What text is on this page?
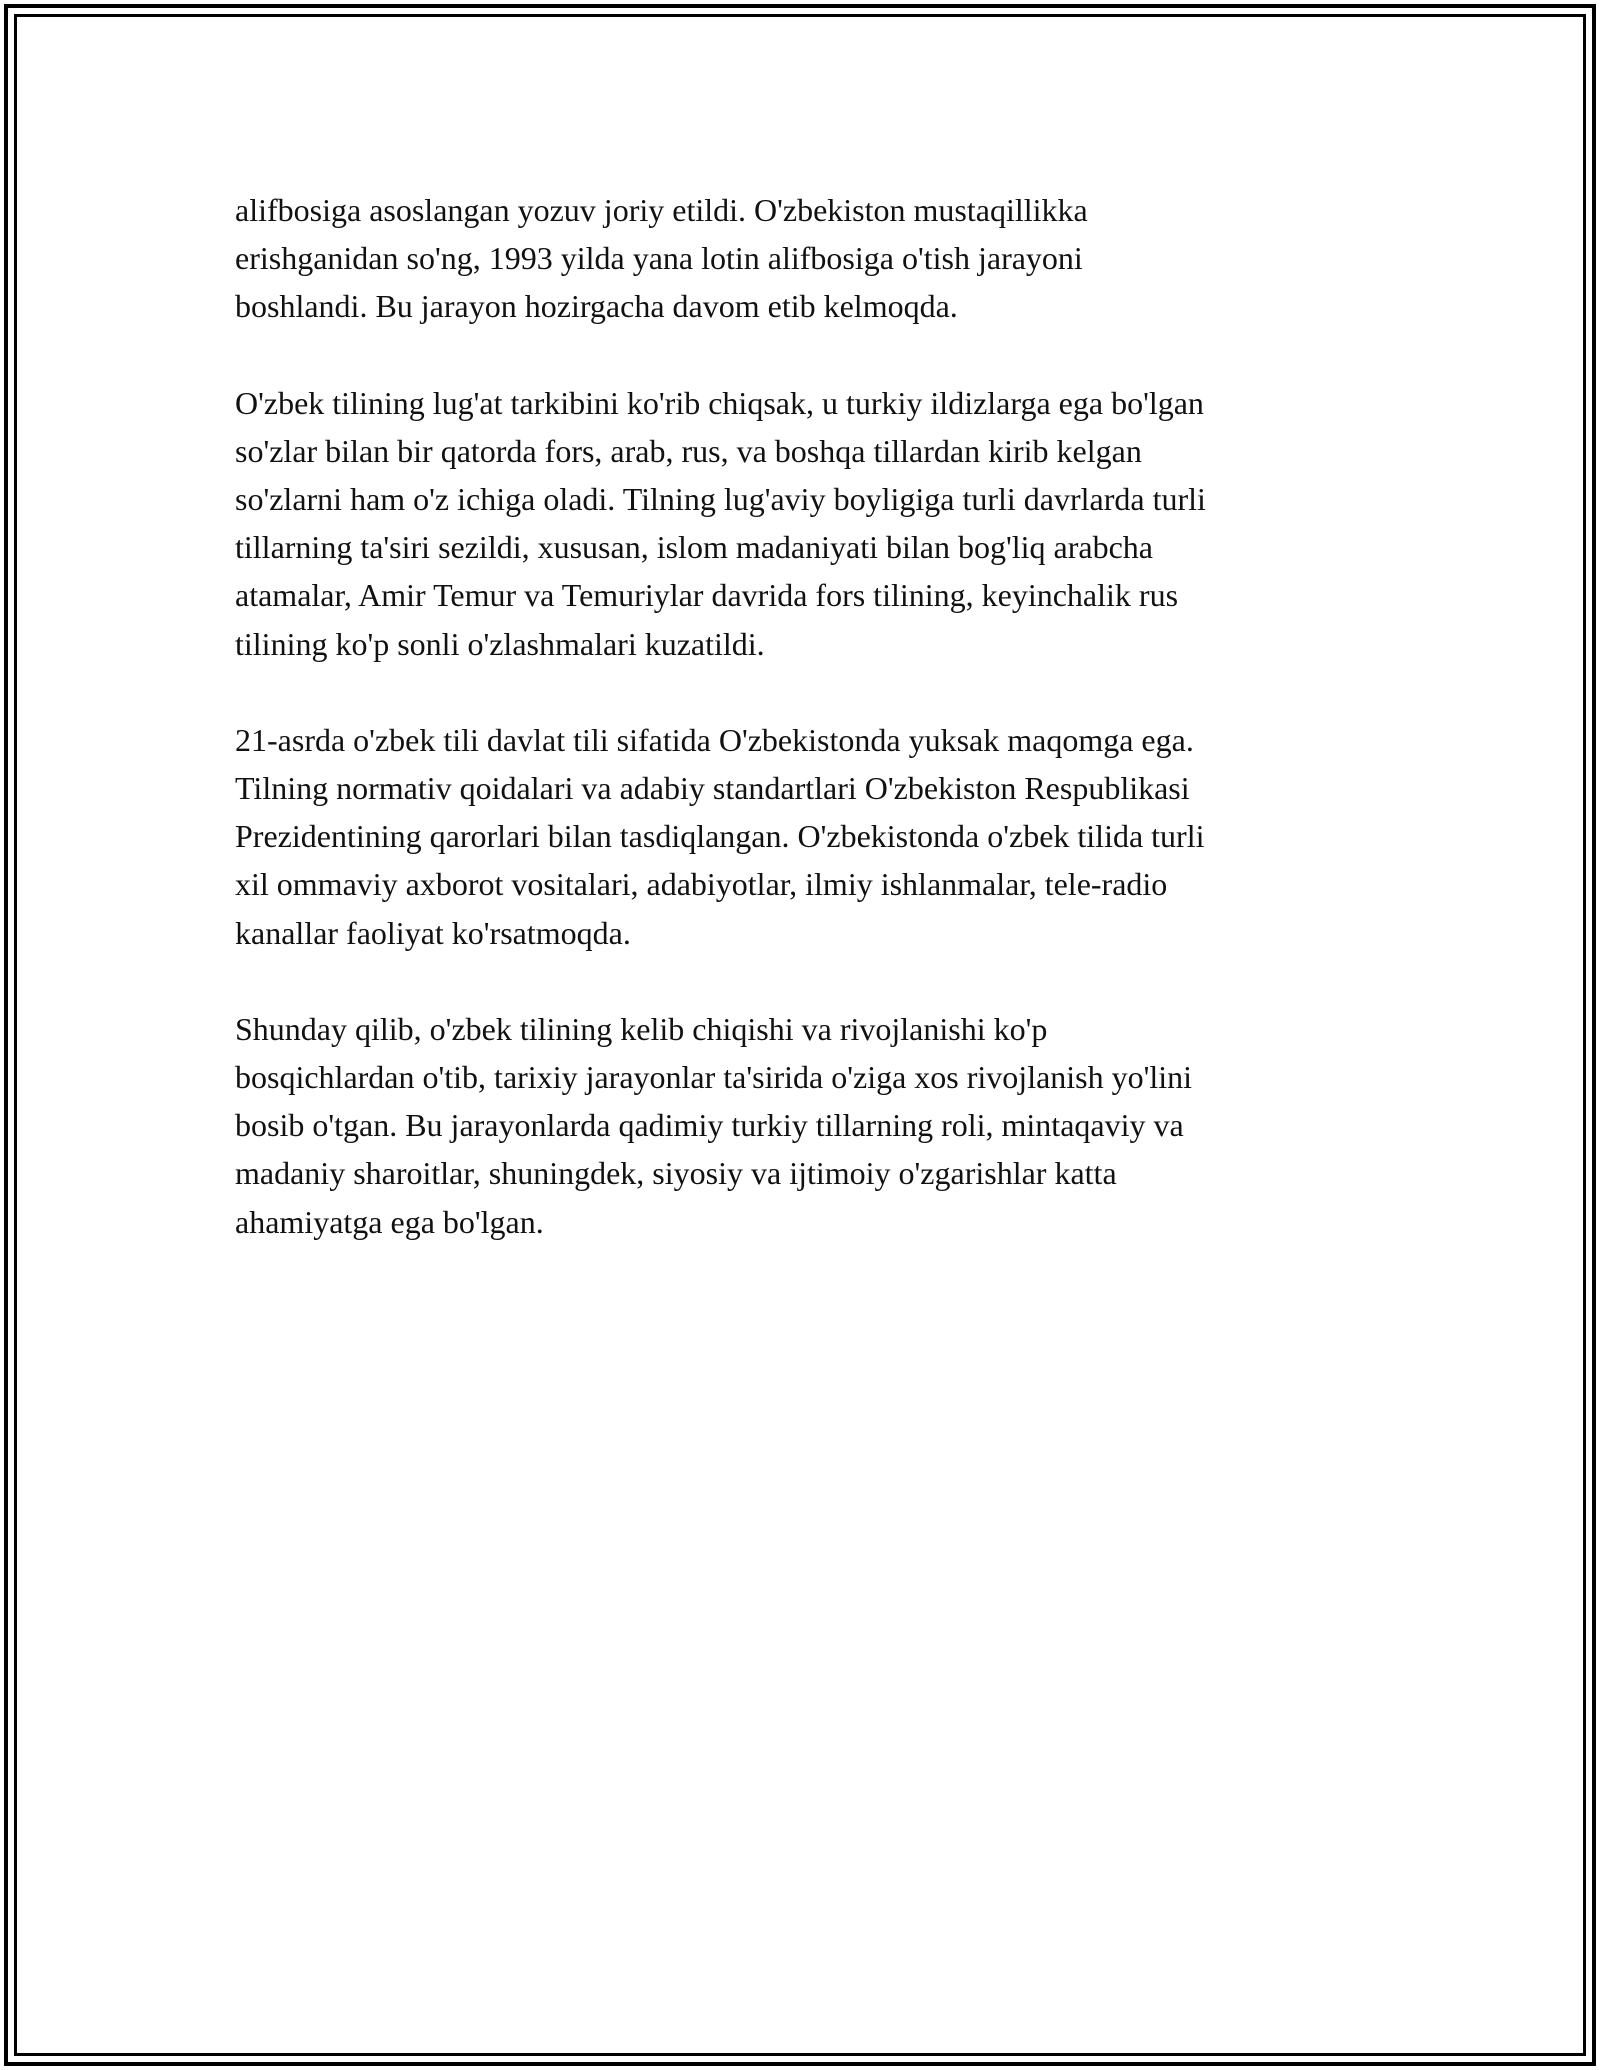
alifbosiga asoslangan yozuv joriy etildi. O'zbekiston mustaqillikka
erishganidan so'ng, 1993 yilda yana lotin alifbosiga o'tish jarayoni
boshlandi. Bu jarayon hozirgacha davom etib kelmoqda.

O'zbek tilining lug'at tarkibini ko'rib chiqsak, u turkiy ildizlarga ega bo'lgan
so'zlar bilan bir qatorda fors, arab, rus, va boshqa tillardan kirib kelgan
so'zlarni ham o'z ichiga oladi. Tilning lug'aviy boyligiga turli davrlarda turli
tillarning ta'siri sezildi, xususan, islom madaniyati bilan bog'liq arabcha
atamalar, Amir Temur va Temuriylar davrida fors tilining, keyinchalik rus
tilining ko'p sonli o'zlashmalari kuzatildi.

21-asrda o'zbek tili davlat tili sifatida O'zbekistonda yuksak maqomga ega.
Tilning normativ qoidalari va adabiy standartlari O'zbekiston Respublikasi
Prezidentining qarorlari bilan tasdiqlangan. O'zbekistonda o'zbek tilida turli
xil ommaviy axborot vositalari, adabiyotlar, ilmiy ishlanmalar, tele-radio
kanallar faoliyat ko'rsatmoqda.

Shunday qilib, o'zbek tilining kelib chiqishi va rivojlanishi ko'p
bosqichlardan o'tib, tarixiy jarayonlar ta'sirida o'ziga xos rivojlanish yo'lini
bosib o'tgan. Bu jarayonlarda qadimiy turkiy tillarning roli, mintaqaviy va
madaniy sharoitlar, shuningdek, siyosiy va ijtimoiy o'zgarishlar katta
ahamiyatga ega bo'lgan.
